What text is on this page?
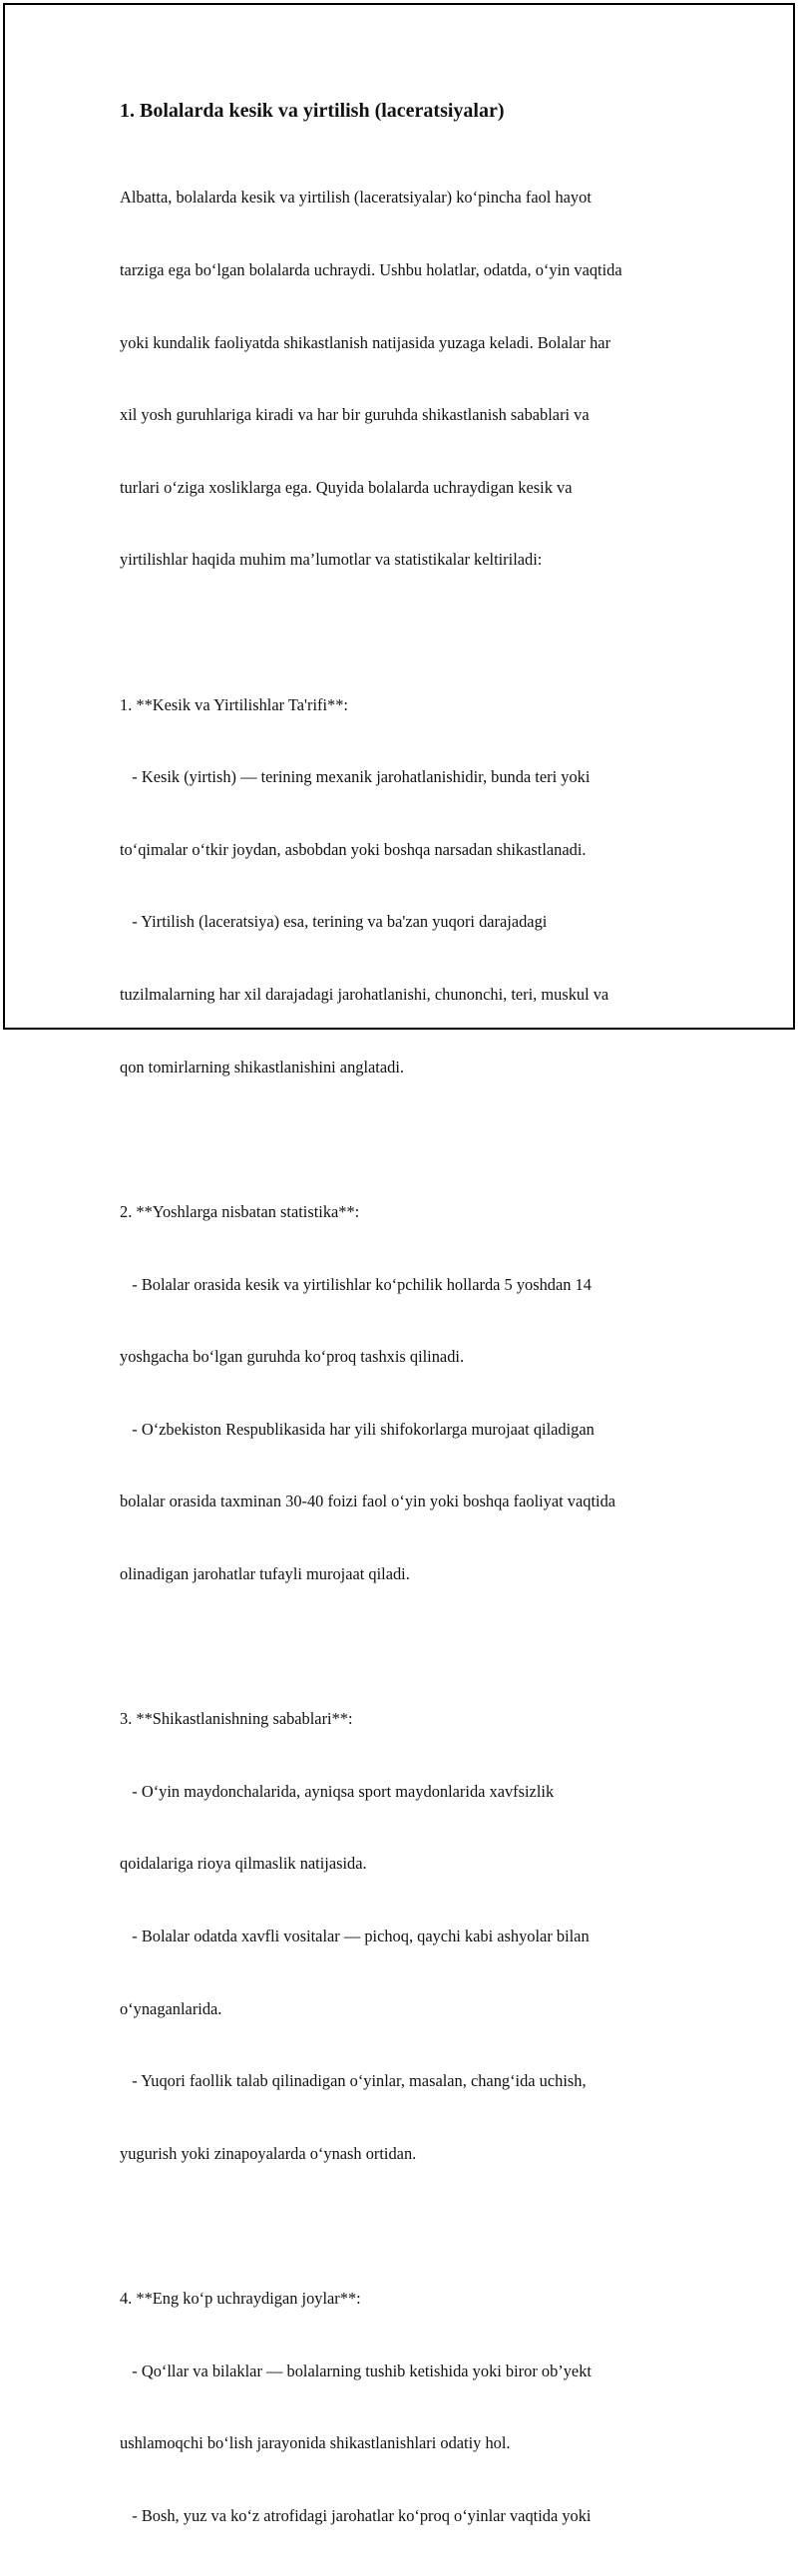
1. Bolalarda kesik va yirtilish (laceratsiyalar)

Albatta, bolalarda kesik va yirtilish (laceratsiyalar) ko‘pincha faol hayot

tarziga ega bo‘lgan bolalarda uchraydi. Ushbu holatlar, odatda, o‘yin vaqtida

yoki kundalik faoliyatda shikastlanish natijasida yuzaga keladi. Bolalar har

xil yosh guruhlariga kiradi va har bir guruhda shikastlanish sabablari va

turlari o‘ziga xosliklarga ega. Quyida bolalarda uchraydigan kesik va

yirtilishlar haqida muhim ma’lumotlar va statistikalar keltiriladi:

1. **Kesik va Yirtilishlar Ta'rifi**:

- Kesik (yirtish) — terining mexanik jarohatlanishidir, bunda teri yoki

to‘qimalar o‘tkir joydan, asbobdan yoki boshqa narsadan shikastlanadi.

- Yirtilish (laceratsiya) esa, terining va ba'zan yuqori darajadagi

tuzilmalarning har xil darajadagi jarohatlanishi, chunonchi, teri, muskul va

qon tomirlarning shikastlanishini anglatadi.

2. **Yoshlarga nisbatan statistika**:

- Bolalar orasida kesik va yirtilishlar ko‘pchilik hollarda 5 yoshdan 14

yoshgacha bo‘lgan guruhda ko‘proq tashxis qilinadi.

- O‘zbekiston Respublikasida har yili shifokorlarga murojaat qiladigan

bolalar orasida taxminan 30-40 foizi faol o‘yin yoki boshqa faoliyat vaqtida

olinadigan jarohatlar tufayli murojaat qiladi.

3. **Shikastlanishning sabablari**:

- O‘yin maydonchalarida, ayniqsa sport maydonlarida xavfsizlik

qoidalariga rioya qilmaslik natijasida.

- Bolalar odatda xavfli vositalar — pichoq, qaychi kabi ashyolar bilan

o‘ynaganlarida.

- Yuqori faollik talab qilinadigan o‘yinlar, masalan, chang‘ida uchish,

yugurish yoki zinapoyalarda o‘ynash ortidan.

4. **Eng ko‘p uchraydigan joylar**:

- Qo‘llar va bilaklar — bolalarning tushib ketishida yoki biror ob’yekt

ushlamoqchi bo‘lish jarayonida shikastlanishlari odatiy hol.

- Bosh, yuz va ko‘z atrofidagi jarohatlar ko‘proq o‘yinlar vaqtida yoki
